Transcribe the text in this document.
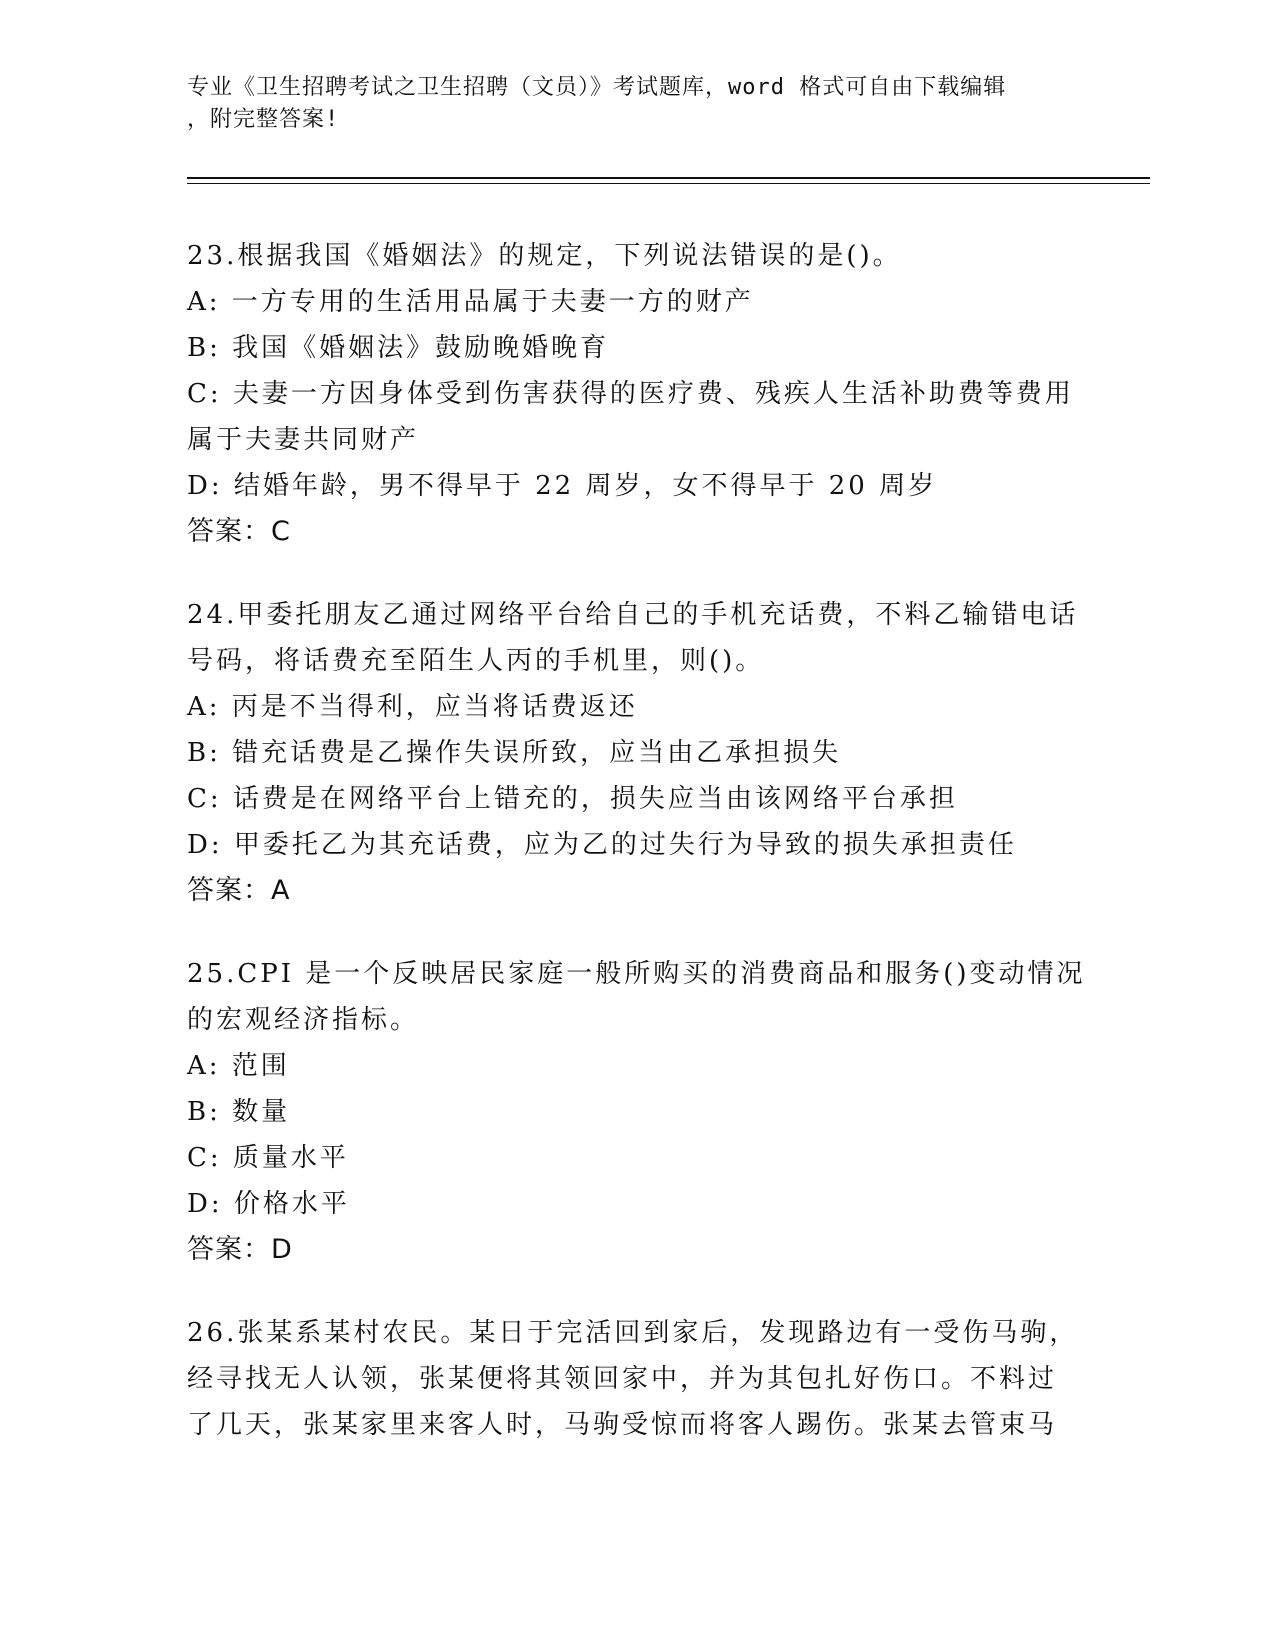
专业《卫生招聘考试之卫生招聘（文员）》考试题库，word 格式可自由下载编辑
，附完整答案!
23.根据我国《婚姻法》的规定，下列说法错误的是()。
A: 一方专用的生活用品属于夫妻一方的财产
B: 我国《婚姻法》鼓励晚婚晚育
C: 夫妻一方因身体受到伤害获得的医疗费、残疾人生活补助费等费用
属于夫妻共同财产
D: 结婚年龄，男不得早于 22 周岁，女不得早于 20 周岁
答案：C
24.甲委托朋友乙通过网络平台给自己的手机充话费，不料乙输错电话
号码，将话费充至陌生人丙的手机里，则()。
A: 丙是不当得利，应当将话费返还
B: 错充话费是乙操作失误所致，应当由乙承担损失
C: 话费是在网络平台上错充的，损失应当由该网络平台承担
D: 甲委托乙为其充话费，应为乙的过失行为导致的损失承担责任
答案：A
25.CPI 是一个反映居民家庭一般所购买的消费商品和服务()变动情况
的宏观经济指标。
A: 范围
B: 数量
C: 质量水平
D: 价格水平
答案：D
26.张某系某村农民。某日于完活回到家后，发现路边有一受伤马驹，
经寻找无人认领，张某便将其领回家中，并为其包扎好伤口。不料过
了几天，张某家里来客人时，马驹受惊而将客人踢伤。张某去管束马
